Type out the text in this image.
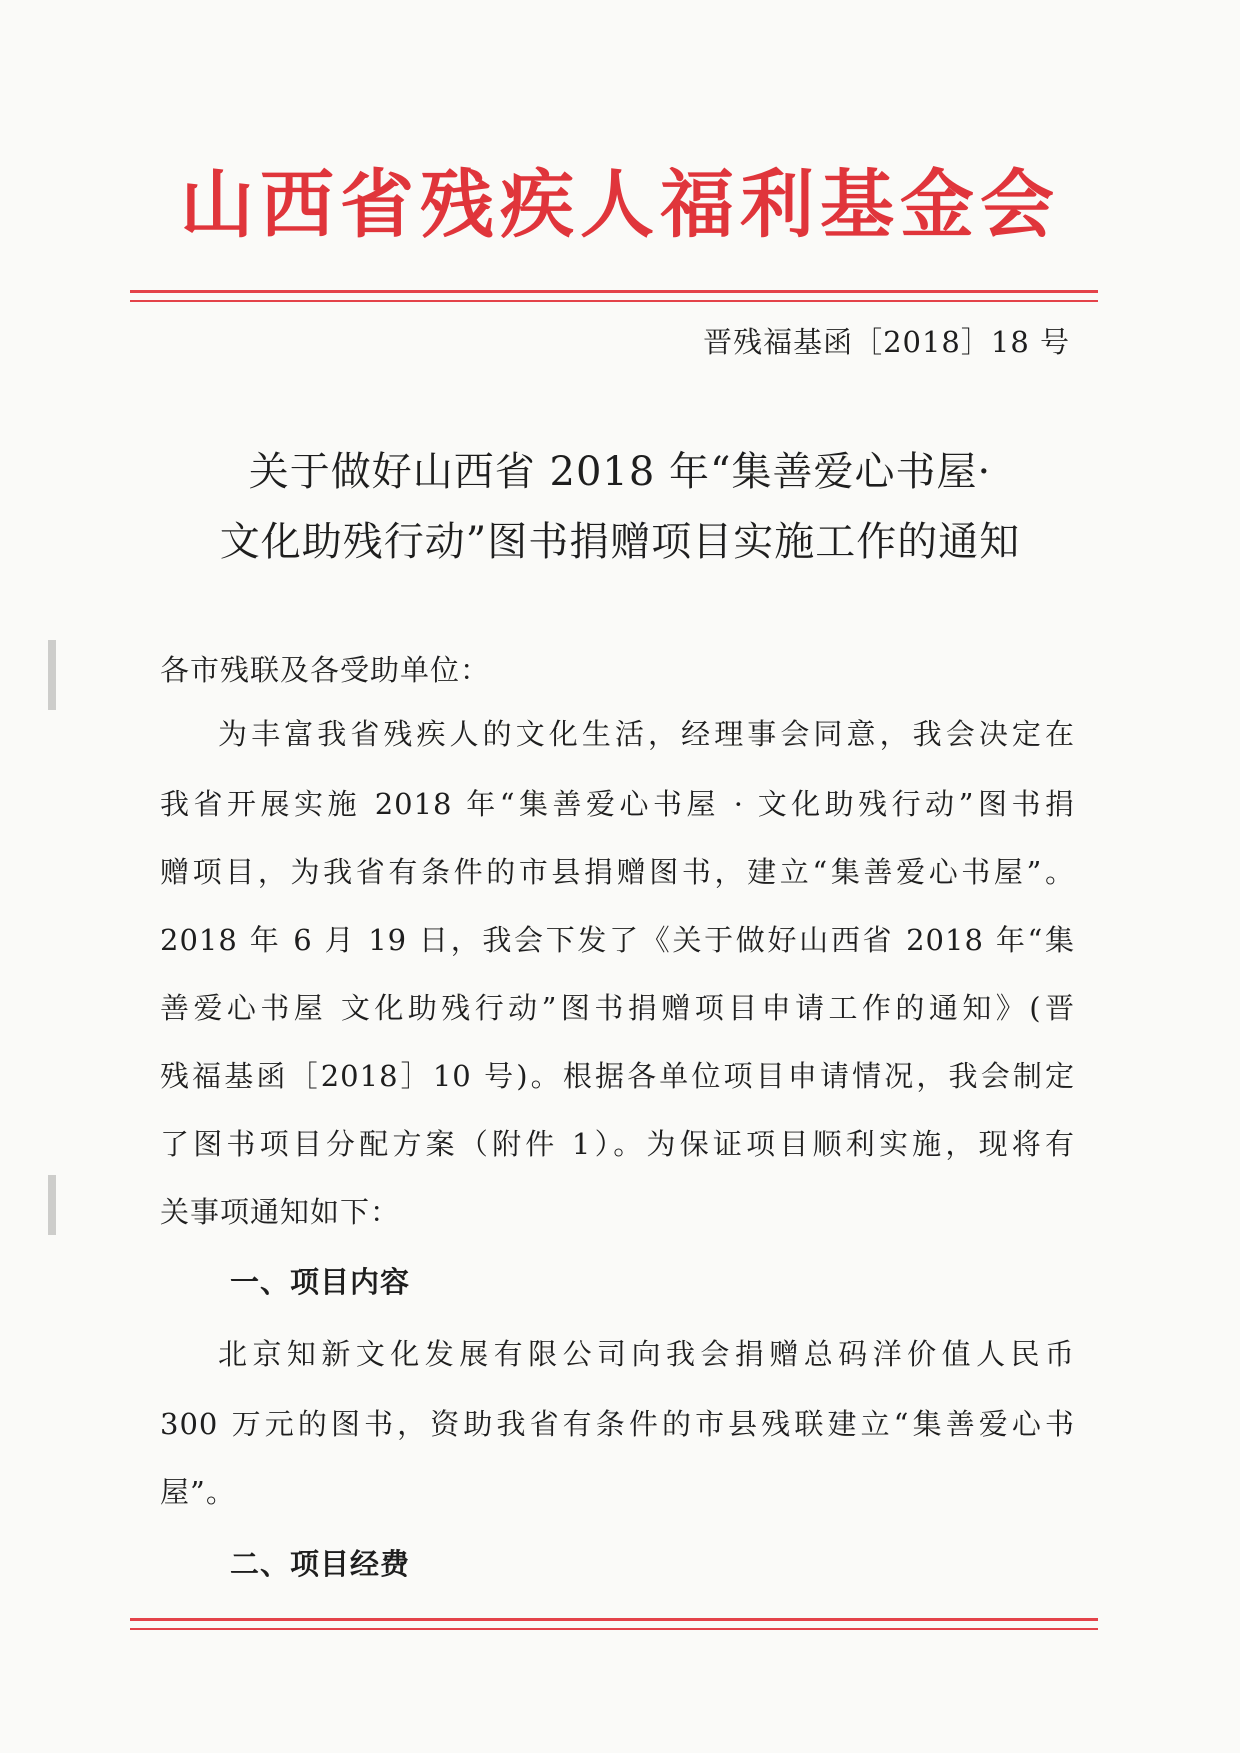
山西省残疾人福利基金会
晋残福基函［2018］18 号
关于做好山西省 2018 年“集善爱心书屋·
文化助残行动”图书捐赠项目实施工作的通知
各市残联及各受助单位：
为丰富我省残疾人的文化生活，经理事会同意，我会决定在
我省开展实施 2018 年“集善爱心书屋 · 文化助残行动”图书捐
赠项目，为我省有条件的市县捐赠图书，建立“集善爱心书屋”。
2018 年 6 月 19 日，我会下发了《关于做好山西省 2018 年“集
善爱心书屋 文化助残行动”图书捐赠项目申请工作的通知》(晋
残福基函［2018］10 号)。根据各单位项目申请情况，我会制定
了图书项目分配方案（附件 1）。为保证项目顺利实施，现将有
关事项通知如下：
一、项目内容
北京知新文化发展有限公司向我会捐赠总码洋价值人民币
300 万元的图书，资助我省有条件的市县残联建立“集善爱心书
屋”。
二、项目经费
